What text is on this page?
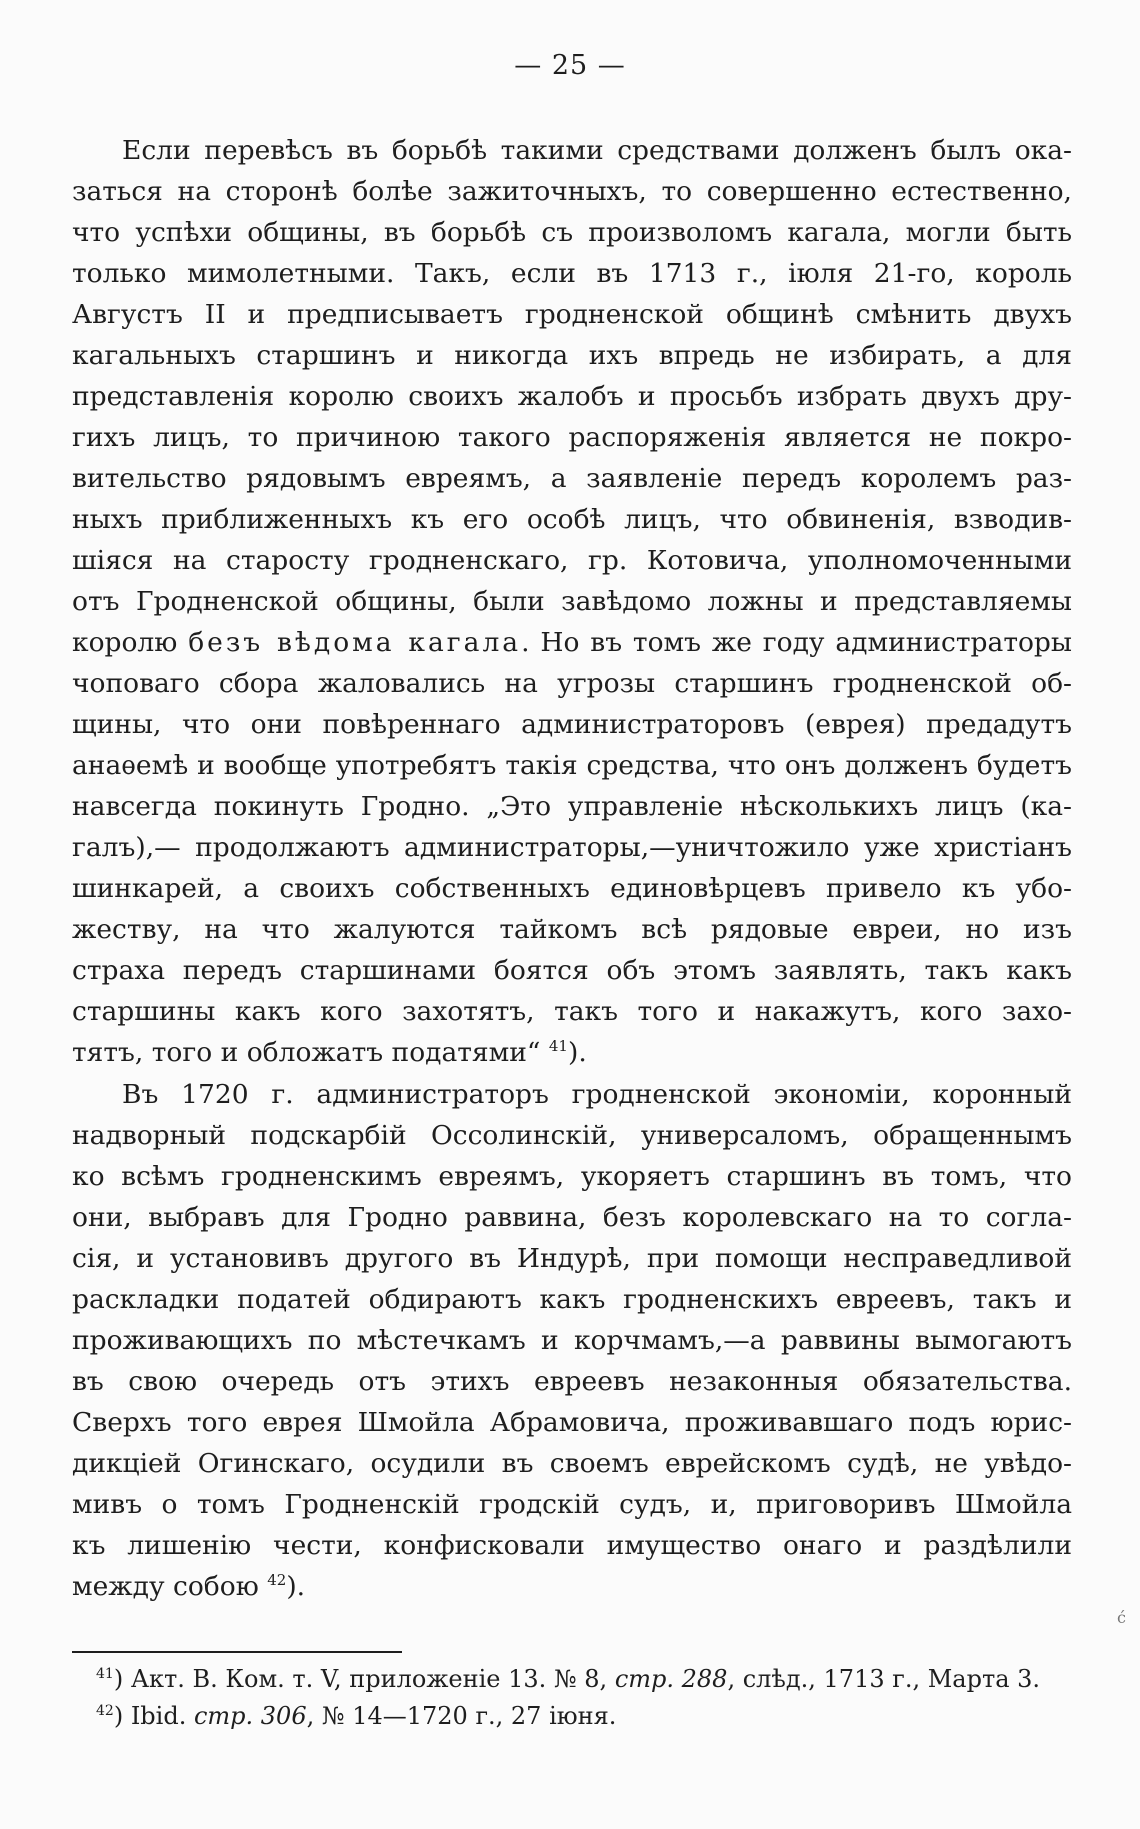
— 25 —
Если перевѣсъ въ борьбѣ такими средствами долженъ былъ ока-
заться на сторонѣ болѣе зажиточныхъ, то совершенно естественно,
что успѣхи общины, въ борьбѣ съ произволомъ кагала, могли быть
только мимолетными. Такъ, если въ 1713 г., іюля 21-го, король
Августъ II и предписываетъ гродненской общинѣ смѣнить двухъ
кагальныхъ старшинъ и никогда ихъ впредь не избирать, а для
представленія королю своихъ жалобъ и просьбъ избрать двухъ дру-
гихъ лицъ, то причиною такого распоряженія является не покро-
вительство рядовымъ евреямъ, а заявленіе передъ королемъ раз-
ныхъ приближенныхъ къ его особѣ лицъ, что обвиненія, взводив-
шіяся на старосту гродненскаго, гр. Котовича, уполномоченными
отъ Гродненской общины, были завѣдомо ложны и представляемы
королю безъ вѣдома кагала. Но въ томъ же году администраторы
чоповаго сбора жаловались на угрозы старшинъ гродненской об-
щины, что они повѣреннаго администраторовъ (еврея) предадутъ
анаѳемѣ и вообще употребятъ такія средства, что онъ долженъ будетъ
навсегда покинуть Гродно. „Это управленіе нѣсколькихъ лицъ (ка-
галъ),— продолжаютъ администраторы,—уничтожило уже христіанъ
шинкарей, а своихъ собственныхъ единовѣрцевъ привело къ убо-
жеству, на что жалуются тайкомъ всѣ рядовые евреи, но изъ
страха передъ старшинами боятся объ этомъ заявлять, такъ какъ
старшины какъ кого захотятъ, такъ того и накажутъ, кого захо-
тятъ, того и обложатъ податями“ $^{41}$).
Въ 1720 г. администраторъ гродненской экономіи, коронный
надворный подскарбій Оссолинскій, универсаломъ, обращеннымъ
ко всѣмъ гродненскимъ евреямъ, укоряетъ старшинъ въ томъ, что
они, выбравъ для Гродно раввина, безъ королевскаго на то согла-
сія, и установивъ другого въ Индурѣ, при помощи несправедливой
раскладки податей обдираютъ какъ гродненскихъ евреевъ, такъ и
проживающихъ по мѣстечкамъ и корчмамъ,—а раввины вымогаютъ
въ свою очередь отъ этихъ евреевъ незаконныя обязательства.
Сверхъ того еврея Шмойла Абрамовича, проживавшаго подъ юрис-
дикціей Огинскаго, осудили въ своемъ еврейскомъ судѣ, не увѣдо-
мивъ о томъ Гродненскій гродскій судъ, и, приговоривъ Шмойла
къ лишенію чести, конфисковали имущество онаго и раздѣлили
между собою $^{42}$).
ć
$^{41}$) Акт. В. Ком. т. V, приложеніе 13. № 8, стр. 288, слѣд., 1713 г., Марта 3.
$^{42}$) Ibid. стр. 306, № 14—1720 г., 27 іюня.
